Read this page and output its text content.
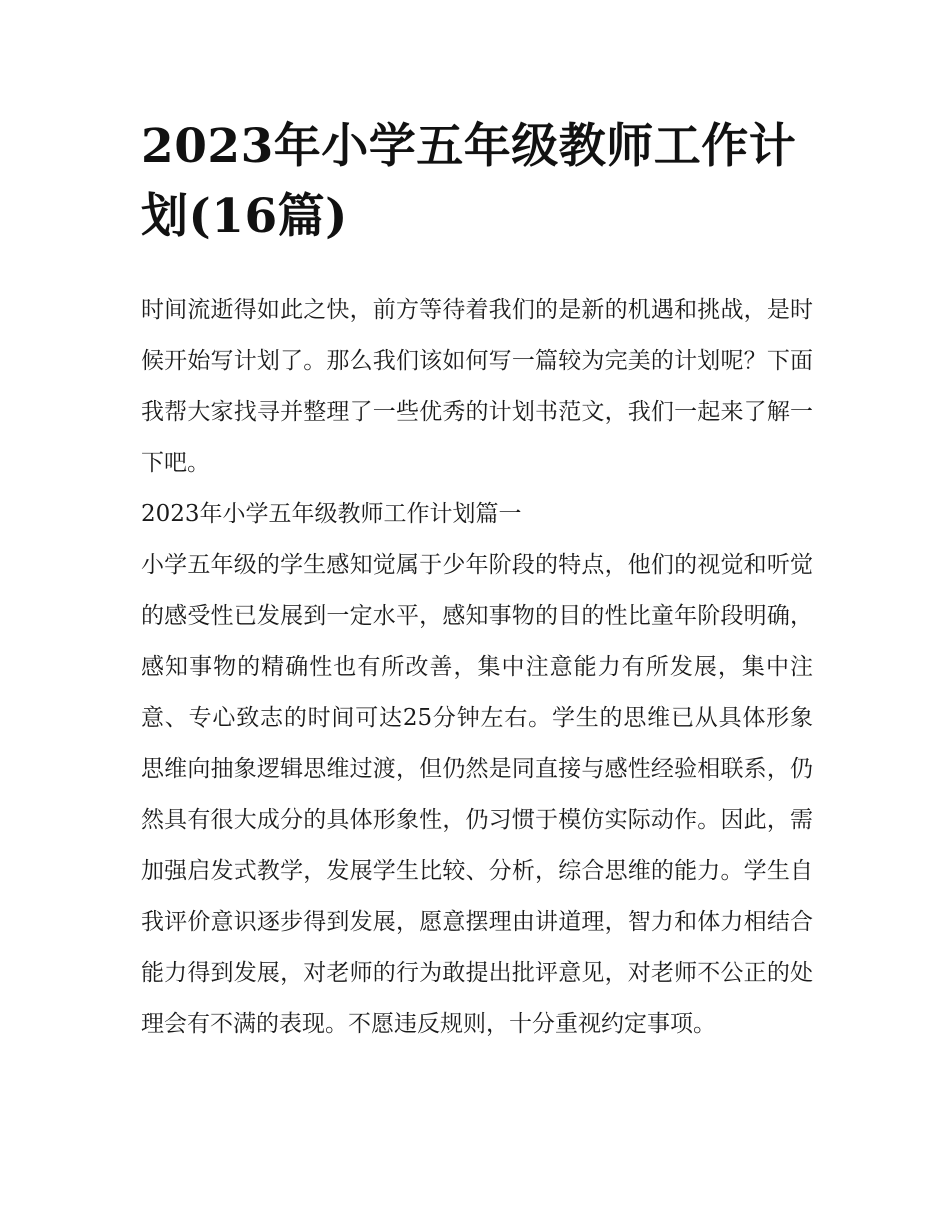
2023年小学五年级教师工作计划(16篇)

时间流逝得如此之快，前方等待着我们的是新的机遇和挑战，是时候开始写计划了。那么我们该如何写一篇较为完美的计划呢？下面我帮大家找寻并整理了一些优秀的计划书范文，我们一起来了解一下吧。

2023年小学五年级教师工作计划篇一

小学五年级的学生感知觉属于少年阶段的特点，他们的视觉和听觉的感受性已发展到一定水平，感知事物的目的性比童年阶段明确，感知事物的精确性也有所改善，集中注意能力有所发展，集中注意、专心致志的时间可达25分钟左右。学生的思维已从具体形象思维向抽象逻辑思维过渡，但仍然是同直接与感性经验相联系，仍然具有很大成分的具体形象性，仍习惯于模仿实际动作。因此，需加强启发式教学，发展学生比较、分析，综合思维的能力。学生自我评价意识逐步得到发展，愿意摆理由讲道理，智力和体力相结合能力得到发展，对老师的行为敢提出批评意见，对老师不公正的处理会有不满的表现。不愿违反规则，十分重视约定事项。
